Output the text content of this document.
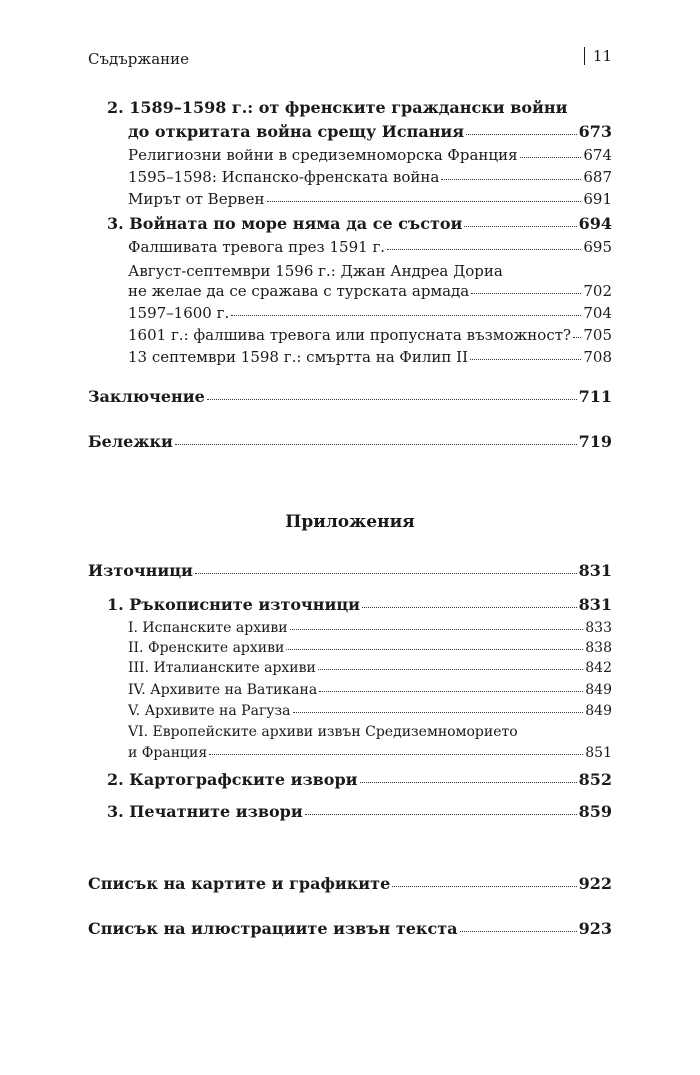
Съдържание	11
2. 1589–1598 г.: от френските граждански войни
до откритата война срещу Испания	673
Религиозни войни в средиземноморска Франция	674
1595–1598: Испанско-френската война	687
Мирът от Вервен	691
3. Войната по море няма да се състои	694
Фалшивата тревога през 1591 г.	695
Август-септември 1596 г.: Джан Андреа Дориа
не желае да се сражава с турската армада	702
1597–1600 г.	704
1601 г.: фалшива тревога или пропусната възможност? 705
13 септември 1598 г.: смъртта на Филип II	708
Заключение	711
Бележки	719
Приложения
Източници	831
1. Ръкописните източници	831
I. Испанските архиви	833
II. Френските архиви	838
III. Италианските архиви	842
IV. Архивите на Ватикана	849
V. Архивите на Рагуза	849
VI. Европейските архиви извън Средиземноморието
и Франция	851
2. Картографските извори	852
3. Печатните извори	859
Списък на картите и графиките	922
Списък на илюстрациите извън текста	923
